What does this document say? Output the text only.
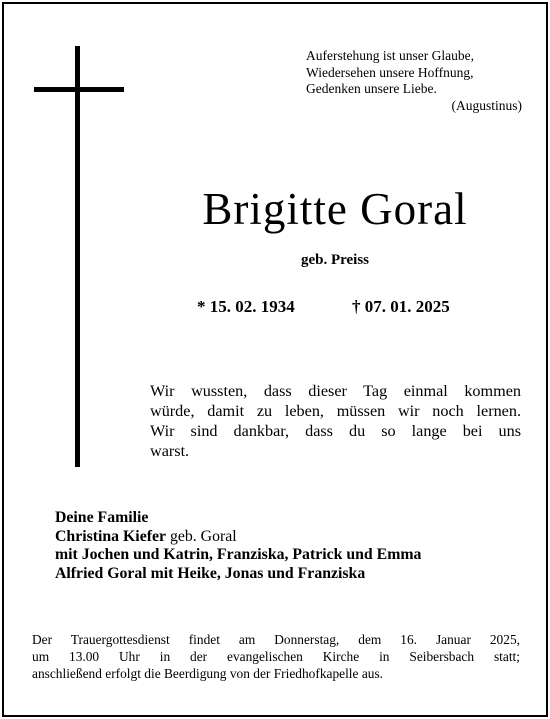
Auferstehung ist unser Glaube,
Wiedersehen unsere Hoffnung,
Gedenken unsere Liebe.
(Augustinus)
Brigitte Goral
geb. Preiss
* 15. 02. 1934	† 07. 01. 2025
Wir wussten, dass dieser Tag einmal kommen
würde, damit zu leben, müssen wir noch lernen.
Wir sind dankbar, dass du so lange bei uns
warst.
Deine Familie
Christina Kiefer geb. Goral
mit Jochen und Katrin, Franziska, Patrick und Emma
Alfried Goral mit Heike, Jonas und Franziska
Der Trauergottesdienst findet am Donnerstag, dem 16. Januar 2025,
um 13.00 Uhr in der evangelischen Kirche in Seibersbach statt;
anschließend erfolgt die Beerdigung von der Friedhofkapelle aus.
